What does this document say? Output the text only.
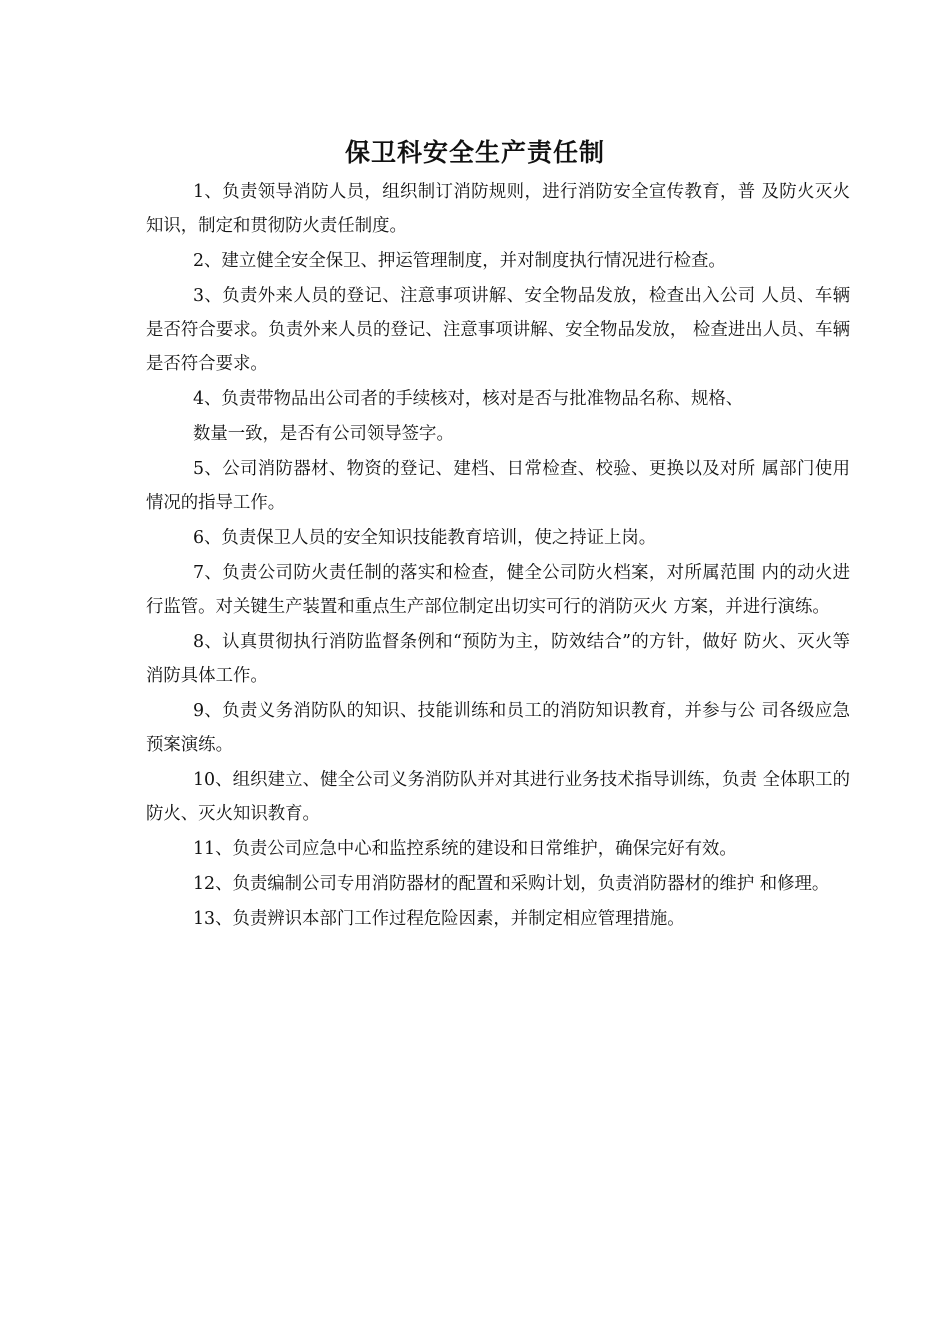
保卫科安全生产责任制

1、负责领导消防人员，组织制订消防规则，进行消防安全宣传教育，普 及防火灭火知识，制定和贯彻防火责任制度。

2、建立健全安全保卫、押运管理制度，并对制度执行情况进行检查。

3、负责外来人员的登记、注意事项讲解、安全物品发放，检查出入公司 人员、车辆是否符合要求。负责外来人员的登记、注意事项讲解、安全物品发放， 检查进出人员、车辆是否符合要求。

4、负责带物品出公司者的手续核对，核对是否与批准物品名称、规格、

数量一致，是否有公司领导签字。

5、公司消防器材、物资的登记、建档、日常检查、校验、更换以及对所 属部门使用情况的指导工作。

6、负责保卫人员的安全知识技能教育培训，使之持证上岗。

7、负责公司防火责任制的落实和检查，健全公司防火档案，对所属范围 内的动火进行监管。对关键生产装置和重点生产部位制定出切实可行的消防灭火 方案，并进行演练。

8、认真贯彻执行消防监督条例和“预防为主，防效结合”的方针，做好 防火、灭火等消防具体工作。

9、负责义务消防队的知识、技能训练和员工的消防知识教育，并参与公 司各级应急预案演练。

10、组织建立、健全公司义务消防队并对其进行业务技术指导训练，负责 全体职工的防火、灭火知识教育。

11、负责公司应急中心和监控系统的建设和日常维护，确保完好有效。

12、负责编制公司专用消防器材的配置和采购计划，负责消防器材的维护 和修理。

13、负责辨识本部门工作过程危险因素，并制定相应管理措施。
